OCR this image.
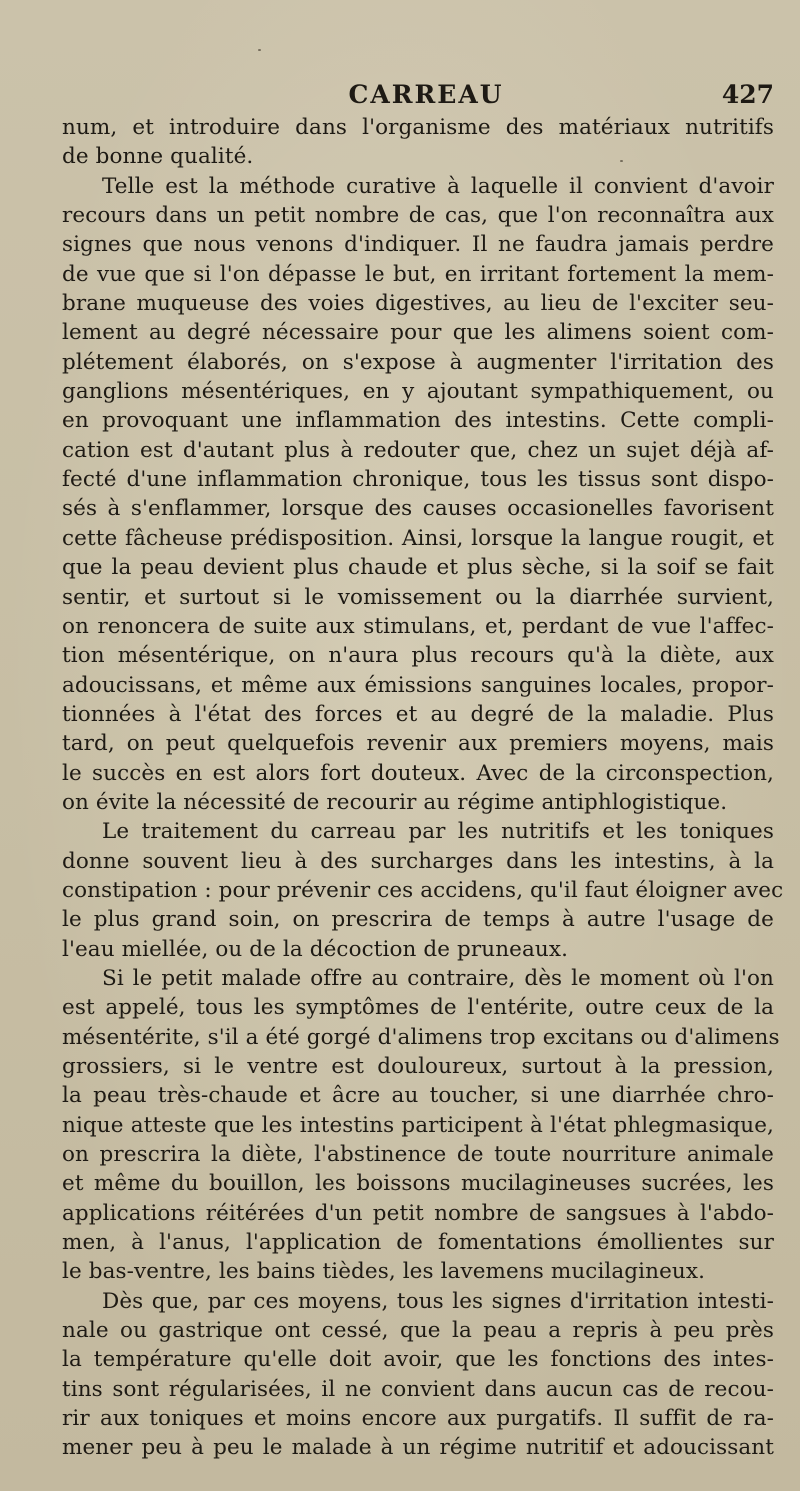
CARREAU	427
num, et introduire dans l'organisme des matériaux nutritifs
de bonne qualité.
Telle est la méthode curative à laquelle il convient d'avoir
recours dans un petit nombre de cas, que l'on reconnaîtra aux
signes que nous venons d'indiquer. Il ne faudra jamais perdre
de vue que si l'on dépasse le but, en irritant fortement la mem-
brane muqueuse des voies digestives, au lieu de l'exciter seu-
lement au degré nécessaire pour que les alimens soient com-
plétement élaborés, on s'expose à augmenter l'irritation des
ganglions mésentériques, en y ajoutant sympathiquement, ou
en provoquant une inflammation des intestins. Cette compli-
cation est d'autant plus à redouter que, chez un sujet déjà af-
fecté d'une inflammation chronique, tous les tissus sont dispo-
sés à s'enflammer, lorsque des causes occasionelles favorisent
cette fâcheuse prédisposition. Ainsi, lorsque la langue rougit, et
que la peau devient plus chaude et plus sèche, si la soif se fait
sentir, et surtout si le vomissement ou la diarrhée survient,
on renoncera de suite aux stimulans, et, perdant de vue l'affec-
tion mésentérique, on n'aura plus recours qu'à la diète, aux
adoucissans, et même aux émissions sanguines locales, propor-
tionnées à l'état des forces et au degré de la maladie. Plus
tard, on peut quelquefois revenir aux premiers moyens, mais
le succès en est alors fort douteux. Avec de la circonspection,
on évite la nécessité de recourir au régime antiphlogistique.
Le traitement du carreau par les nutritifs et les toniques
donne souvent lieu à des surcharges dans les intestins, à la
constipation : pour prévenir ces accidens, qu'il faut éloigner avec
le plus grand soin, on prescrira de temps à autre l'usage de
l'eau miellée, ou de la décoction de pruneaux.
Si le petit malade offre au contraire, dès le moment où l'on
est appelé, tous les symptômes de l'entérite, outre ceux de la
mésentérite, s'il a été gorgé d'alimens trop excitans ou d'alimens
grossiers, si le ventre est douloureux, surtout à la pression,
la peau très-chaude et âcre au toucher, si une diarrhée chro-
nique atteste que les intestins participent à l'état phlegmasique,
on prescrira la diète, l'abstinence de toute nourriture animale
et même du bouillon, les boissons mucilagineuses sucrées, les
applications réitérées d'un petit nombre de sangsues à l'abdo-
men, à l'anus, l'application de fomentations émollientes sur
le bas-ventre, les bains tièdes, les lavemens mucilagineux.
Dès que, par ces moyens, tous les signes d'irritation intesti-
nale ou gastrique ont cessé, que la peau a repris à peu près
la température qu'elle doit avoir, que les fonctions des intes-
tins sont régularisées, il ne convient dans aucun cas de recou-
rir aux toniques et moins encore aux purgatifs. Il suffit de ra-
mener peu à peu le malade à un régime nutritif et adoucissant
